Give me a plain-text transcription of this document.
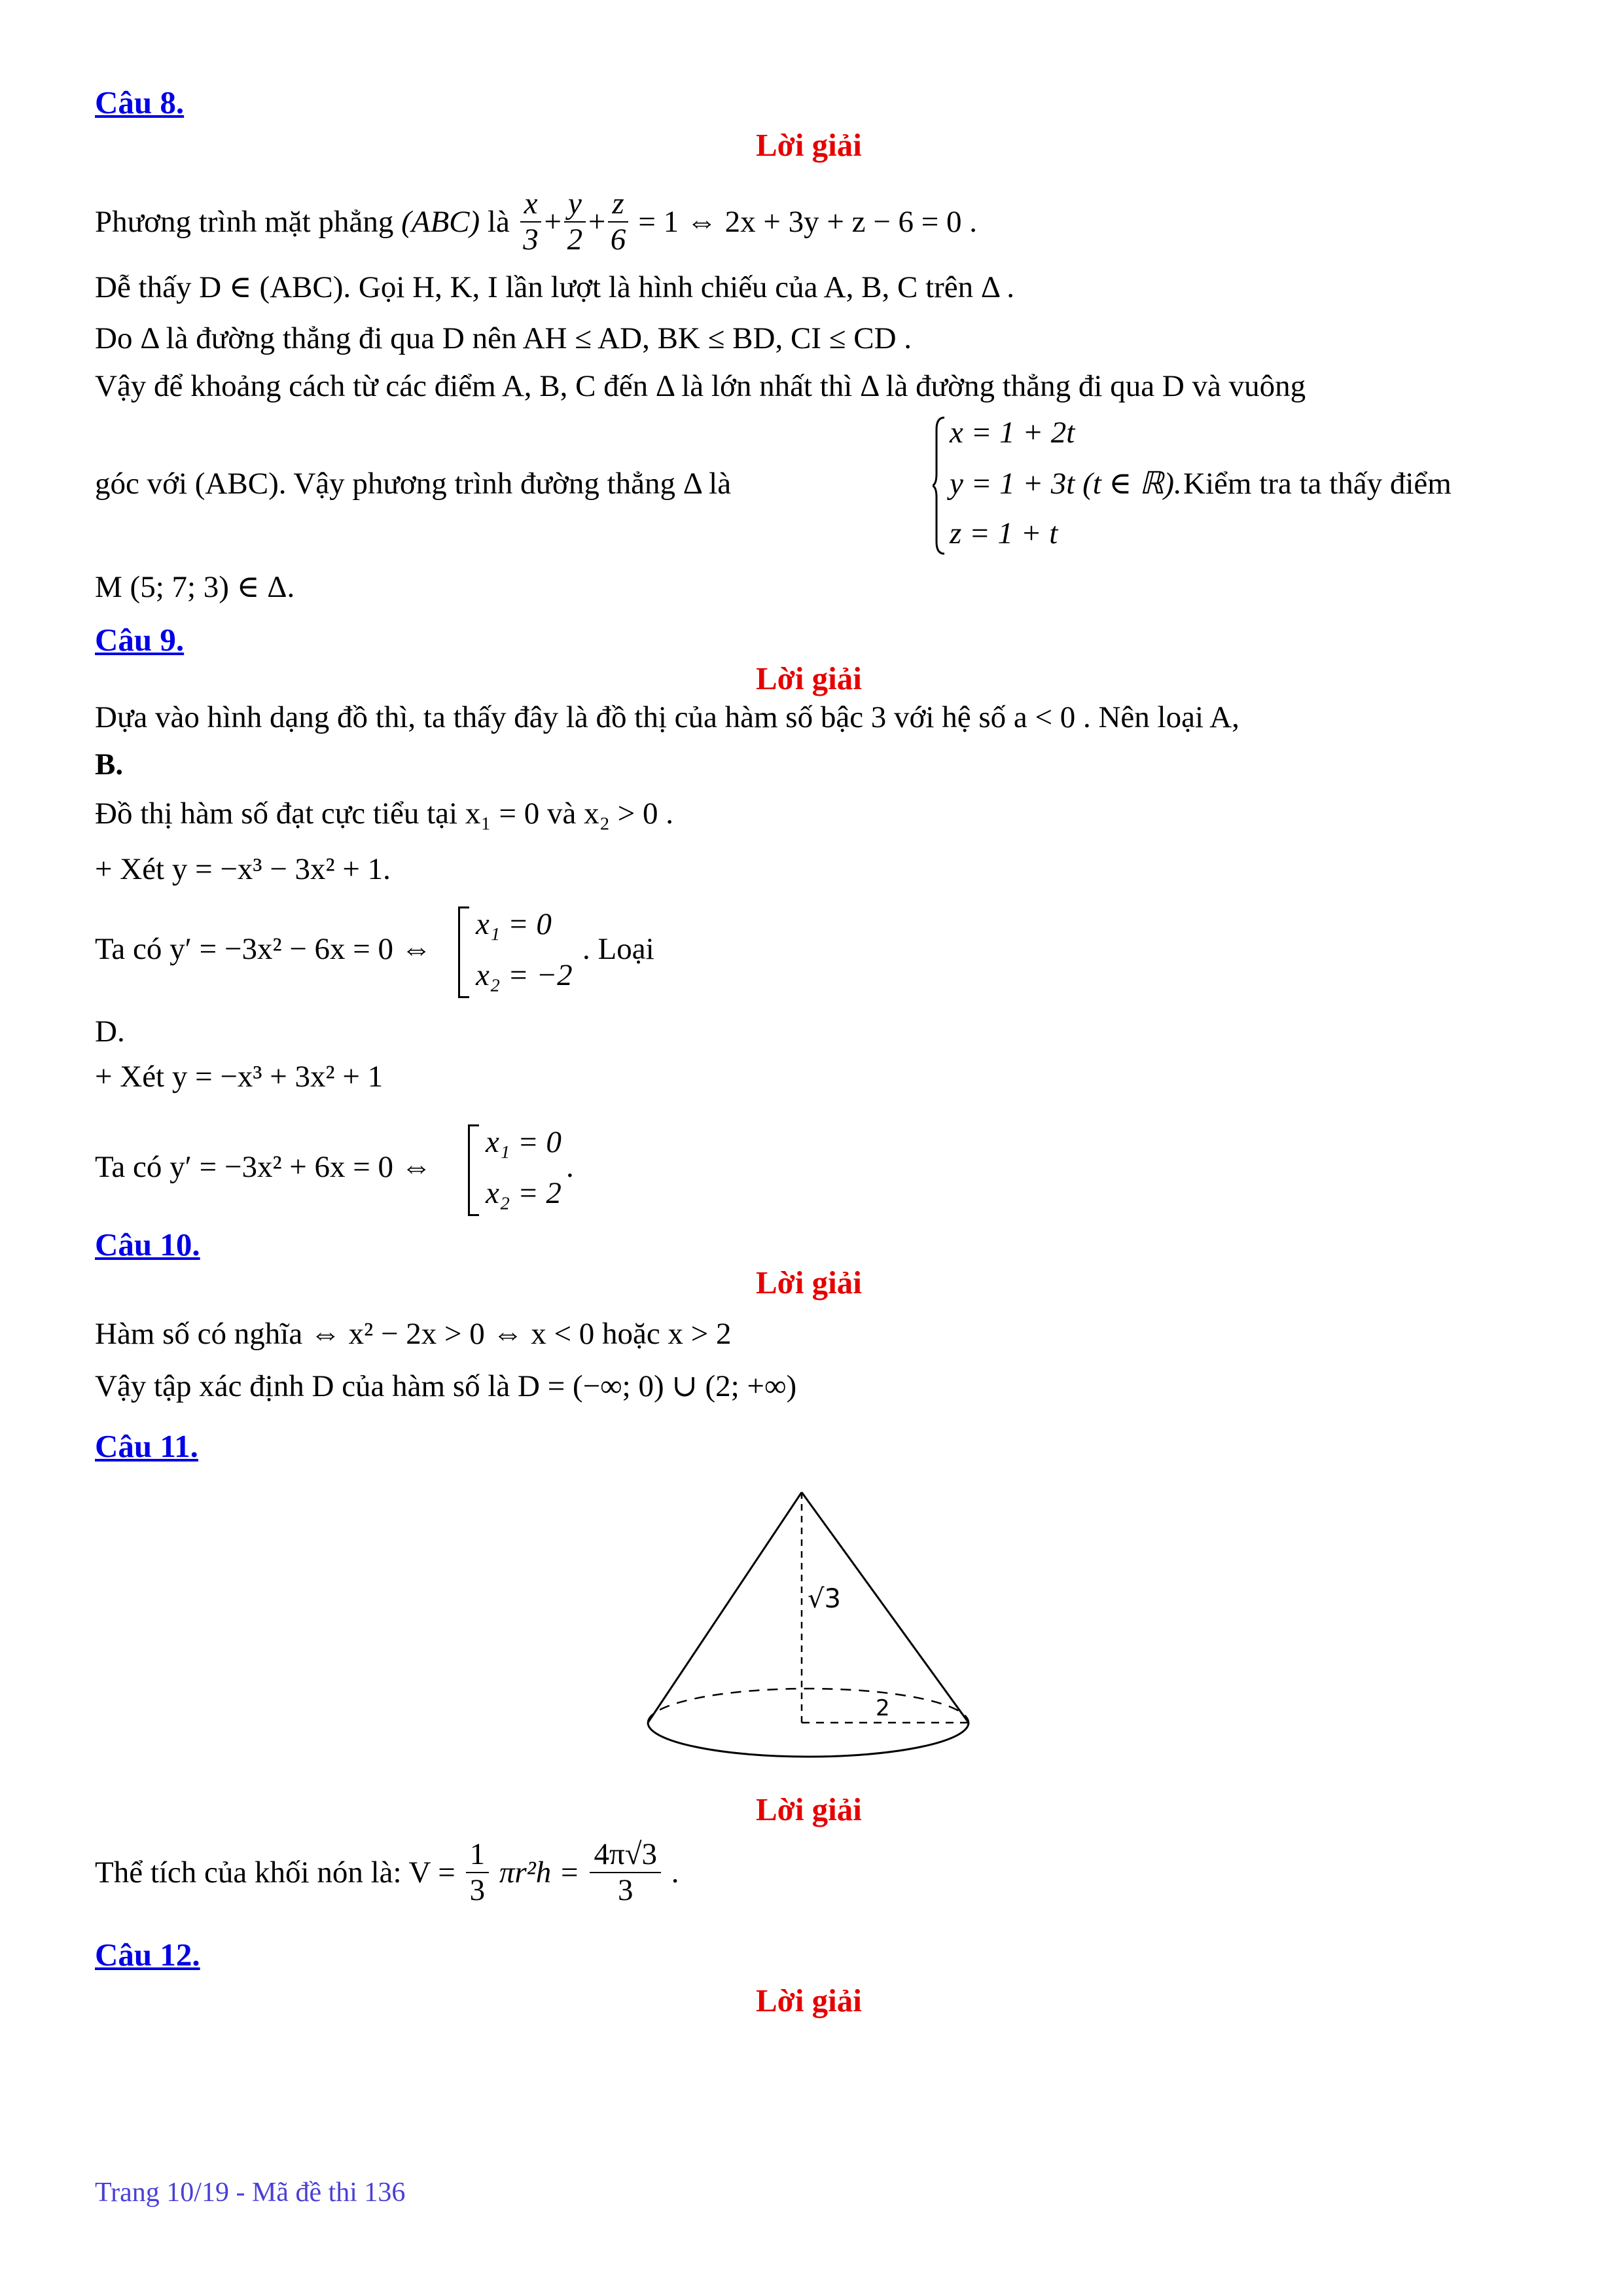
Câu 8.
Lời giải
Phương trình mặt phẳng (ABC) là $\frac{x}{3} + \frac{y}{2} + \frac{z}{6} = 1$ ⇔ 2x + 3y + z − 6 = 0 .
Dễ thấy D ∈ (ABC). Gọi H, K, I lần lượt là hình chiếu của A, B, C trên Δ .
Do Δ là đường thẳng đi qua D nên AH ≤ AD, BK ≤ BD, CI ≤ CD .
Vậy để khoảng cách từ các điểm A, B, C đến Δ là lớn nhất thì Δ là đường thẳng đi qua D và vuông
góc với (ABC). Vậy phương trình đường thẳng Δ là
x = 1 + 2t
y = 1 + 3t (t ∈ ℝ).
z = 1 + t
Kiểm tra ta thấy điểm
M (5; 7; 3) ∈ Δ.
Câu 9.
Lời giải
Dựa vào hình dạng đồ thì, ta thấy đây là đồ thị của hàm số bậc 3 với hệ số a < 0 . Nên loại A,
B.
Đồ thị hàm số đạt cực tiểu tại x₁ = 0 và x₂ > 0 .
+ Xét y = −x³ − 3x² + 1.
Ta có y′ = −3x² − 6x = 0 ⇔
x₁ = 0
x₂ = −2
. Loại
D.
+ Xét y = −x³ + 3x² + 1
Ta có y′ = −3x² + 6x = 0 ⇔
x₁ = 0
x₂ = 2
.
Câu 10.
Lời giải
Hàm số có nghĩa ⇔ x² − 2x > 0 ⇔ x < 0 hoặc x > 2
Vậy tập xác định D của hàm số là D = (−∞; 0) ∪ (2; +∞)
Câu 11.
√3
2
Lời giải
Thể tích của khối nón là: $V = \frac{1}{3} \pi r^2h = \frac{4\pi√3}{3}$ .
Câu 12.
Lời giải
Trang 10/19 - Mã đề thi 136
